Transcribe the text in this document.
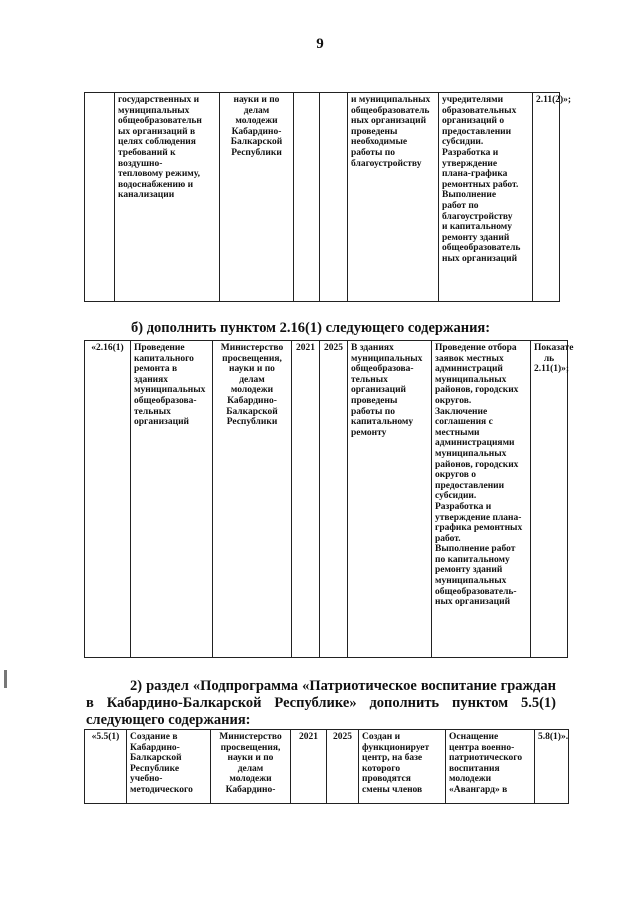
9
	государственных и
муниципальных
общеобразовательн
ых организаций в
целях соблюдения
требований к
воздушно-
тепловому режиму,
водоснабжению и
канализации	науки и по
делам
молодежи
Кабардино-
Балкарской
Республики			и муниципальных
общеобразователь
ных организаций
проведены
необходимые
работы по
благоустройству	учредителями
образовательных
организаций о
предоставлении
субсидии.
Разработка и
утверждение
плана-графика
ремонтных работ.
Выполнение
работ по
благоустройству
и капитальному
ремонту зданий
общеобразователь
ных организаций	2.11(2)»;
б) дополнить пунктом 2.16(1) следующего содержания:
«2.16(1)	Проведение
капитального
ремонта в
зданиях
муниципальных
общеобразова-
тельных
организаций	Министерство
просвещения,
науки и по
делам
молодежи
Кабардино-
Балкарской
Республики	2021	2025	В зданиях
муниципальных
общеобразова-
тельных
организаций
проведены
работы по
капитальному
ремонту	Проведение отбора
заявок местных
администраций
муниципальных
районов, городских
округов.
Заключение
соглашения с
местными
администрациями
муниципальных
районов, городских
округов о
предоставлении
субсидии.
Разработка и
утверждение плана-
графика ремонтных
работ.
Выполнение работ
по капитальному
ремонту зданий
муниципальных
общеобразователь-
ных организаций	Показате
ль
2.11(1)»;
2) раздел «Подпрограмма «Патриотическое воспитание граждан
в Кабардино-Балкарской Республике» дополнить пунктом 5.5(1)
следующего содержания:
«5.5(1)	Создание в
Кабардино-
Балкарской
Республике
учебно-
методического	Министерство
просвещения,
науки и по
делам
молодежи
Кабардино-	2021	2025	Создан и
функционирует
центр, на базе
которого
проводятся
смены членов	Оснащение
центра военно-
патриотического
воспитания
молодежи
«Авангард» в	5.8(1)».
